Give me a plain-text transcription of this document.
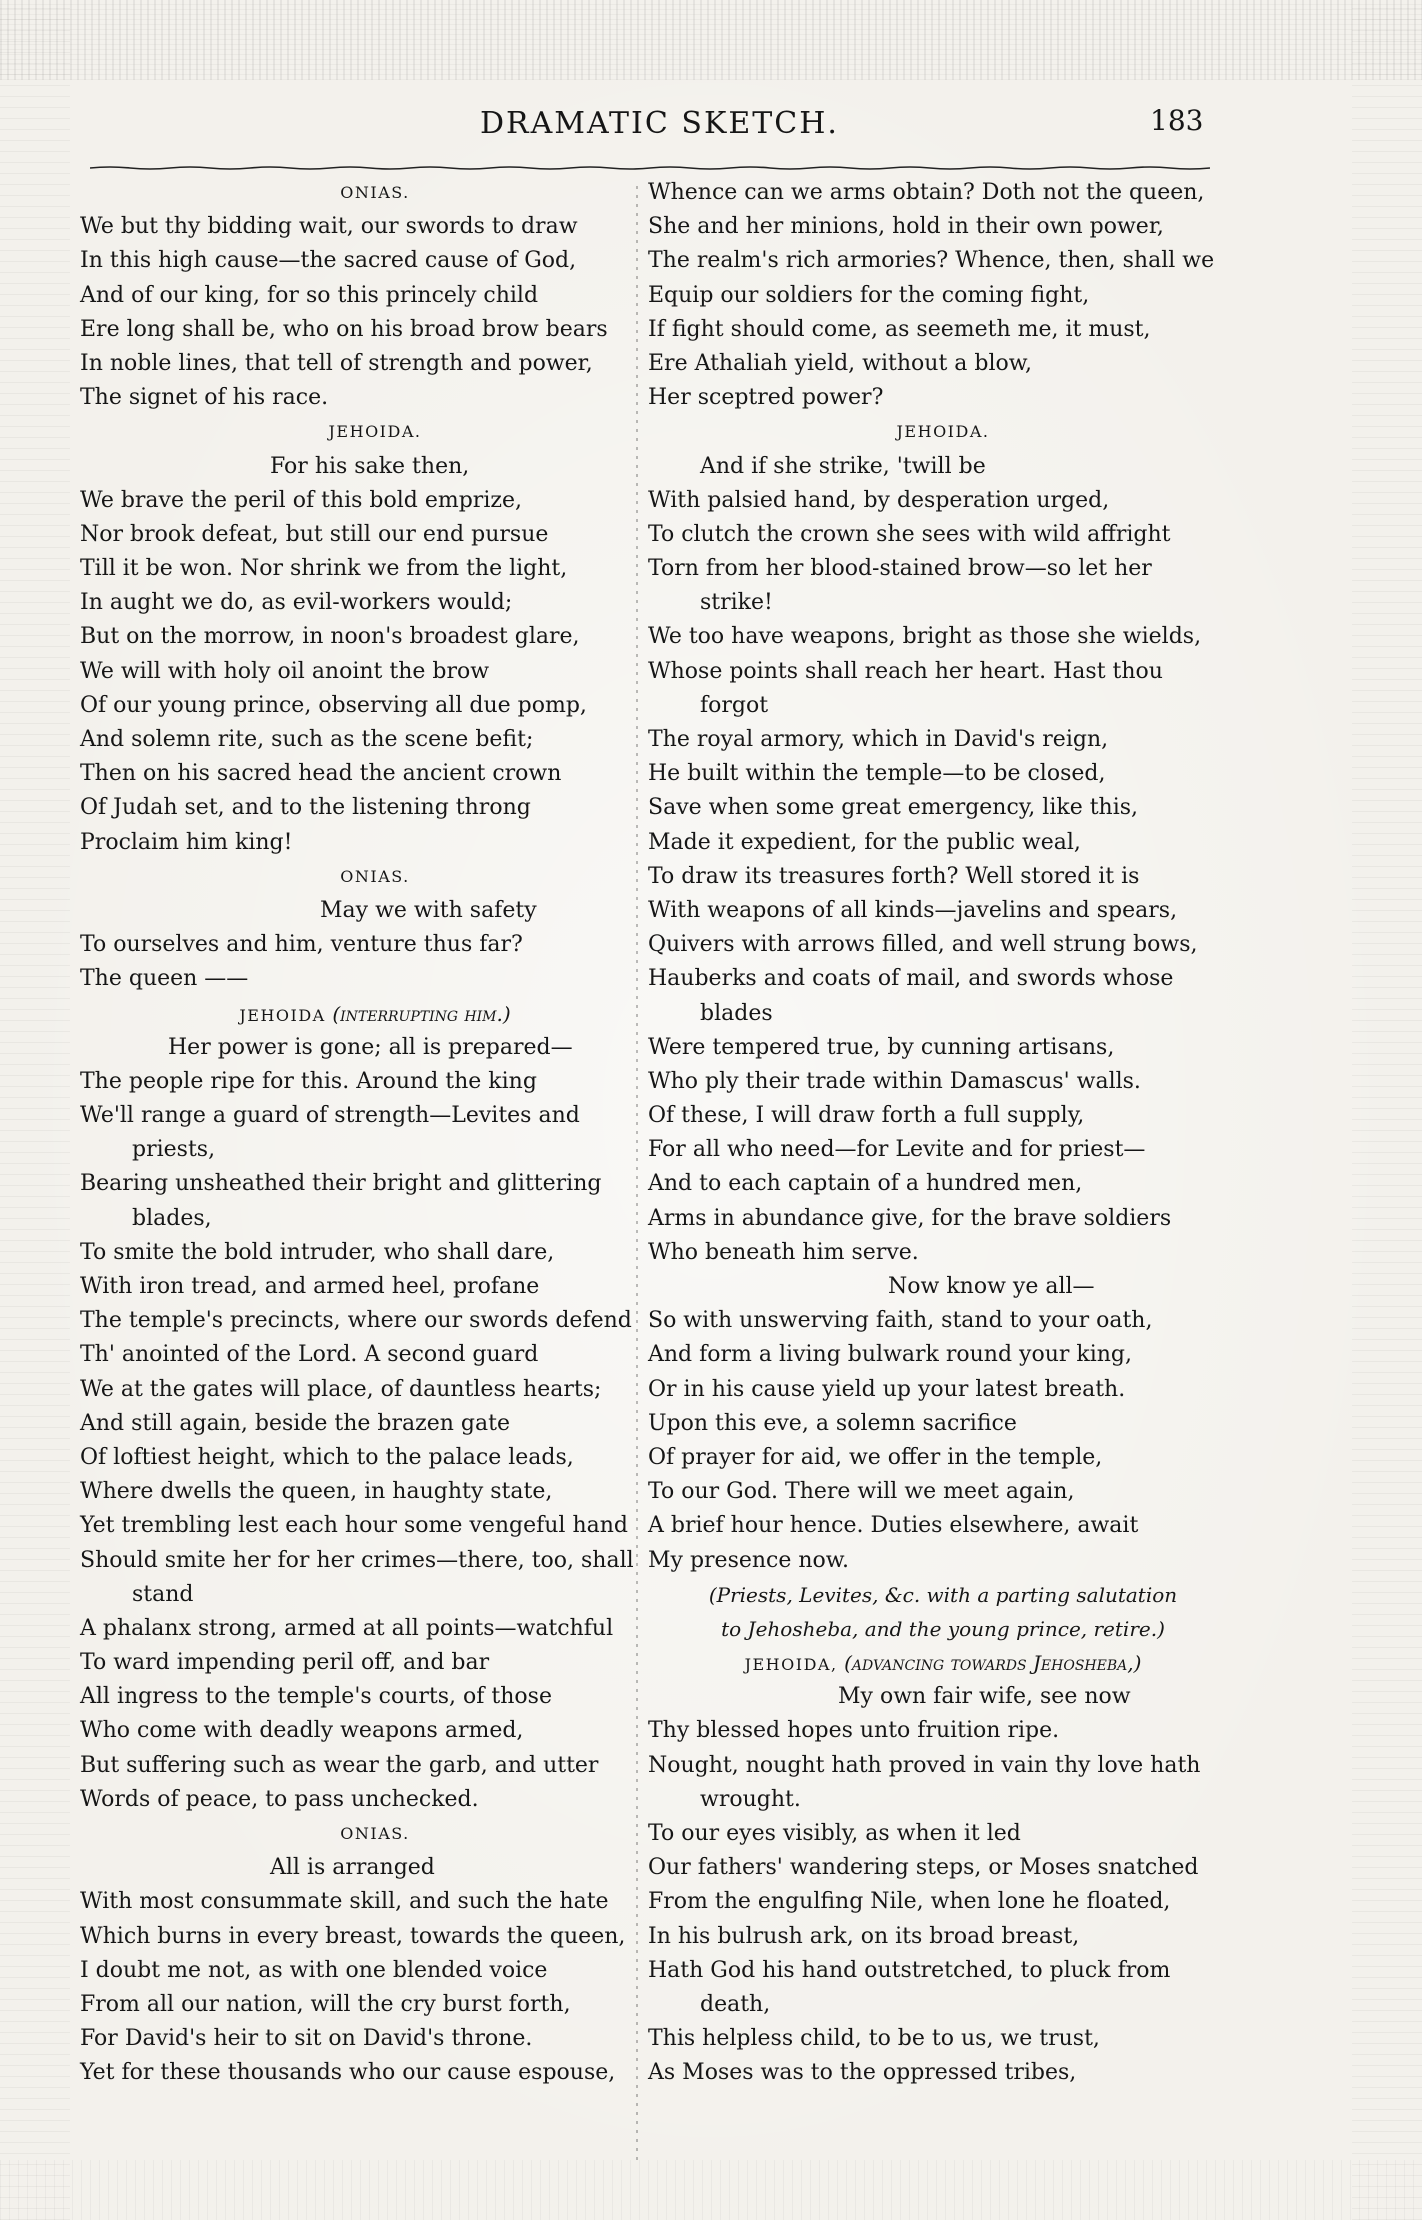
DRAMATIC SKETCH.	183
ONIAS.
We but thy bidding wait, our swords to draw
In this high cause—the sacred cause of God,
And of our king, for so this princely child
Ere long shall be, who on his broad brow bears
In noble lines, that tell of strength and power,
The signet of his race.
JEHOIDA.
For his sake then,
We brave the peril of this bold emprize,
Nor brook defeat, but still our end pursue
Till it be won. Nor shrink we from the light,
In aught we do, as evil-workers would;
But on the morrow, in noon's broadest glare,
We will with holy oil anoint the brow
Of our young prince, observing all due pomp,
And solemn rite, such as the scene befit;
Then on his sacred head the ancient crown
Of Judah set, and to the listening throng
Proclaim him king!
ONIAS.
May we with safety
To ourselves and him, venture thus far?
The queen ——
JEHOIDA (interrupting him.)
Her power is gone; all is prepared—
The people ripe for this. Around the king
We'll range a guard of strength—Levites and
priests,
Bearing unsheathed their bright and glittering
blades,
To smite the bold intruder, who shall dare,
With iron tread, and armed heel, profane
The temple's precincts, where our swords defend
Th' anointed of the Lord. A second guard
We at the gates will place, of dauntless hearts;
And still again, beside the brazen gate
Of loftiest height, which to the palace leads,
Where dwells the queen, in haughty state,
Yet trembling lest each hour some vengeful hand
Should smite her for her crimes—there, too, shall
stand
A phalanx strong, armed at all points—watchful
To ward impending peril off, and bar
All ingress to the temple's courts, of those
Who come with deadly weapons armed,
But suffering such as wear the garb, and utter
Words of peace, to pass unchecked.
ONIAS.
All is arranged
With most consummate skill, and such the hate
Which burns in every breast, towards the queen,
I doubt me not, as with one blended voice
From all our nation, will the cry burst forth,
For David's heir to sit on David's throne.
Yet for these thousands who our cause espouse,
Whence can we arms obtain? Doth not the queen,
She and her minions, hold in their own power,
The realm's rich armories? Whence, then, shall we
Equip our soldiers for the coming fight,
If fight should come, as seemeth me, it must,
Ere Athaliah yield, without a blow,
Her sceptred power?
JEHOIDA.
And if she strike, 'twill be
With palsied hand, by desperation urged,
To clutch the crown she sees with wild affright
Torn from her blood-stained brow—so let her
strike!
We too have weapons, bright as those she wields,
Whose points shall reach her heart. Hast thou
forgot
The royal armory, which in David's reign,
He built within the temple—to be closed,
Save when some great emergency, like this,
Made it expedient, for the public weal,
To draw its treasures forth? Well stored it is
With weapons of all kinds—javelins and spears,
Quivers with arrows filled, and well strung bows,
Hauberks and coats of mail, and swords whose
blades
Were tempered true, by cunning artisans,
Who ply their trade within Damascus' walls.
Of these, I will draw forth a full supply,
For all who need—for Levite and for priest—
And to each captain of a hundred men,
Arms in abundance give, for the brave soldiers
Who beneath him serve.
Now know ye all—
So with unswerving faith, stand to your oath,
And form a living bulwark round your king,
Or in his cause yield up your latest breath.
Upon this eve, a solemn sacrifice
Of prayer for aid, we offer in the temple,
To our God. There will we meet again,
A brief hour hence. Duties elsewhere, await
My presence now.
(Priests, Levites, &c. with a parting salutation
to Jehosheba, and the young prince, retire.)
JEHOIDA, (advancing towards Jehosheba,)
My own fair wife, see now
Thy blessed hopes unto fruition ripe.
Nought, nought hath proved in vain thy love hath
wrought.
To our eyes visibly, as when it led
Our fathers' wandering steps, or Moses snatched
From the engulfing Nile, when lone he floated,
In his bulrush ark, on its broad breast,
Hath God his hand outstretched, to pluck from
death,
This helpless child, to be to us, we trust,
As Moses was to the oppressed tribes,
